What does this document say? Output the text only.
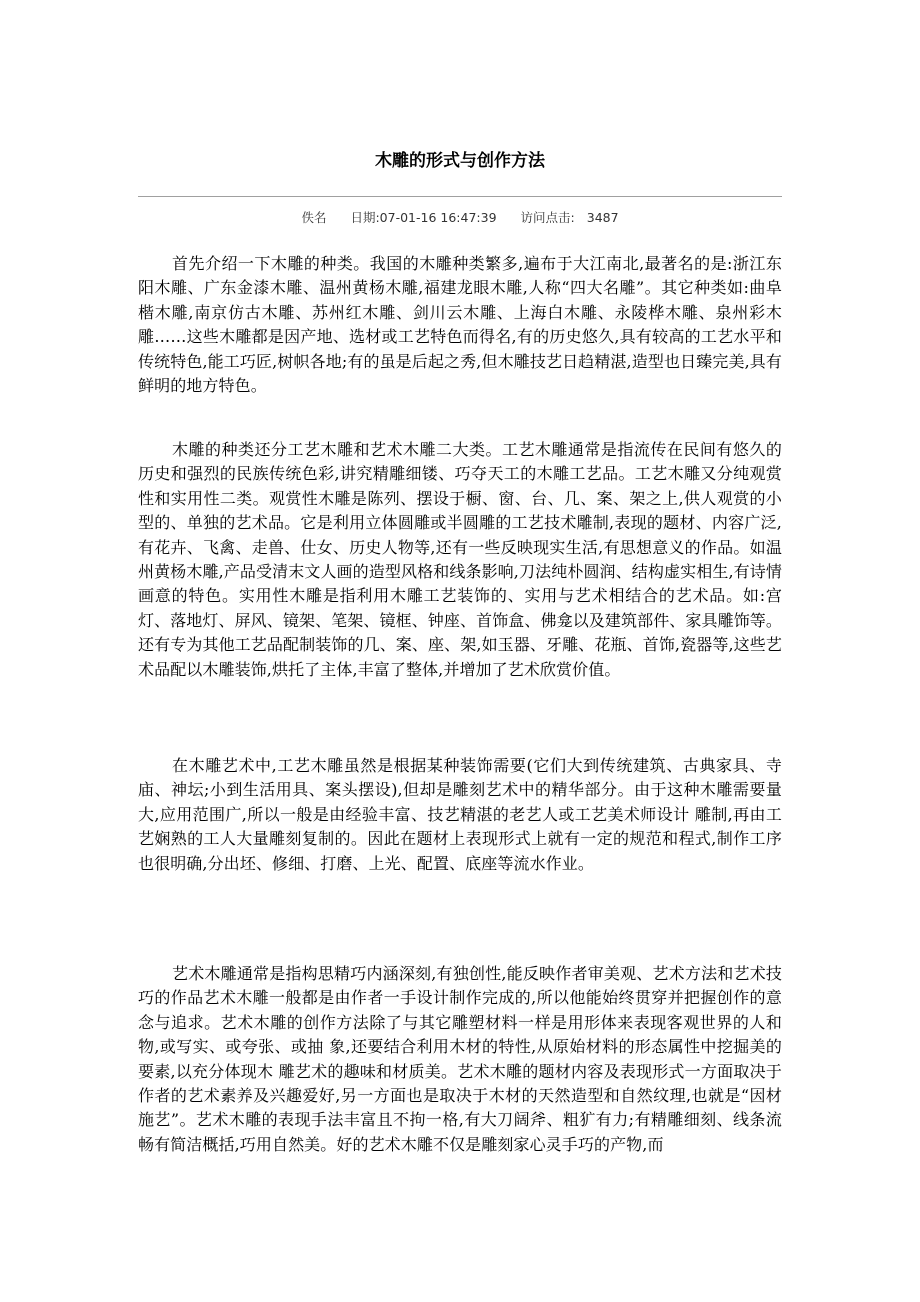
木雕的形式与创作方法
佚名 日期:07-01-16 16:47:39 访问点击: 3487

首先介绍一下木雕的种类。我国的木雕种类繁多,遍布于大江南北,最著名的是:浙江东阳木雕、广东金漆木雕、温州黄杨木雕,福建龙眼木雕,人称“四大名雕”。其它种类如:曲阜楷木雕,南京仿古木雕、苏州红木雕、剑川云木雕、上海白木雕、永陵桦木雕、泉州彩木雕……这些木雕都是因产地、选材或工艺特色而得名,有的历史悠久,具有较高的工艺水平和传统特色,能工巧匠,树帜各地;有的虽是后起之秀,但木雕技艺日趋精湛,造型也日臻完美,具有鲜明的地方特色。

木雕的种类还分工艺木雕和艺术木雕二大类。工艺木雕通常是指流传在民间有悠久的历史和强烈的民族传统色彩,讲究精雕细镂、巧夺天工的木雕工艺品。工艺木雕又分纯观赏性和实用性二类。观赏性木雕是陈列、摆设于橱、窗、台、几、案、架之上,供人观赏的小型的、单独的艺术品。它是利用立体圆雕或半圆雕的工艺技术雕制,表现的题材、内容广泛,有花卉、飞禽、走兽、仕女、历史人物等,还有一些反映现实生活,有思想意义的作品。如温州黄杨木雕,产品受清末文人画的造型风格和线条影响,刀法纯朴圆润、结构虚实相生,有诗情画意的特色。实用性木雕是指利用木雕工艺装饰的、实用与艺术相结合的艺术品。如:宫灯、落地灯、屏风、镜架、笔架、镜框、钟座、首饰盒、佛龛以及建筑部件、家具雕饰等。还有专为其他工艺品配制装饰的几、案、座、架,如玉器、牙雕、花瓶、首饰,瓷器等,这些艺术品配以木雕装饰,烘托了主体,丰富了整体,并增加了艺术欣赏价值。

在木雕艺术中,工艺木雕虽然是根据某种装饰需要(它们大到传统建筑、古典家具、寺庙、神坛;小到生活用具、案头摆设),但却是雕刻艺术中的精华部分。由于这种木雕需要量大,应用范围广,所以一般是由经验丰富、技艺精湛的老艺人或工艺美术师设计 雕制,再由工艺娴熟的工人大量雕刻复制的。因此在题材上表现形式上就有一定的规范和程式,制作工序也很明确,分出坯、修细、打磨、上光、配置、底座等流水作业。

艺术木雕通常是指构思精巧内涵深刻,有独创性,能反映作者审美观、艺术方法和艺术技巧的作品艺术木雕一般都是由作者一手设计制作完成的,所以他能始终贯穿并把握创作的意念与追求。艺术木雕的创作方法除了与其它雕塑材料一样是用形体来表现客观世界的人和物,或写实、或夸张、或抽 象,还要结合利用木材的特性,从原始材料的形态属性中挖掘美的要素,以充分体现木 雕艺术的趣味和材质美。艺术木雕的题材内容及表现形式一方面取决于作者的艺术素养及兴趣爱好,另一方面也是取决于木材的天然造型和自然纹理,也就是“因材施艺”。艺术木雕的表现手法丰富且不拘一格,有大刀阔斧、粗犷有力;有精雕细刻、线条流畅有简洁概括,巧用自然美。好的艺术木雕不仅是雕刻家心灵手巧的产物,而
